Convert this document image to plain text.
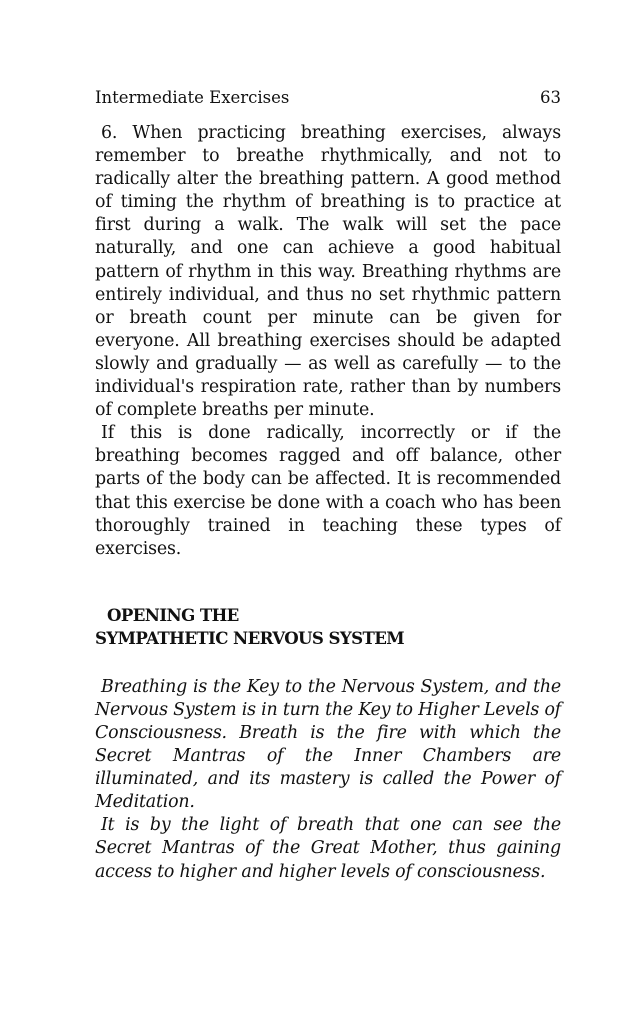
Intermediate Exercises	63

6. When practicing breathing exercises, always remember to breathe rhythmically, and not to radically alter the breathing pattern. A good method of timing the rhythm of breathing is to practice at first during a walk. The walk will set the pace naturally, and one can achieve a good habitual pattern of rhythm in this way. Breathing rhythms are entirely individual, and thus no set rhythmic pattern or breath count per minute can be given for everyone. All breathing exercises should be adapted slowly and gradually — as well as carefully — to the individual's respiration rate, rather than by numbers of complete breaths per minute.

If this is done radically, incorrectly or if the breathing becomes ragged and off balance, other parts of the body can be affected. It is recommended that this exercise be done with a coach who has been thoroughly trained in teaching these types of exercises.

OPENING THE
SYMPATHETIC NERVOUS SYSTEM

Breathing is the Key to the Nervous System, and the Nervous System is in turn the Key to Higher Levels of Consciousness. Breath is the fire with which the Secret Mantras of the Inner Chambers are illuminated, and its mastery is called the Power of Meditation.

It is by the light of breath that one can see the Secret Mantras of the Great Mother, thus gaining access to higher and higher levels of consciousness.
